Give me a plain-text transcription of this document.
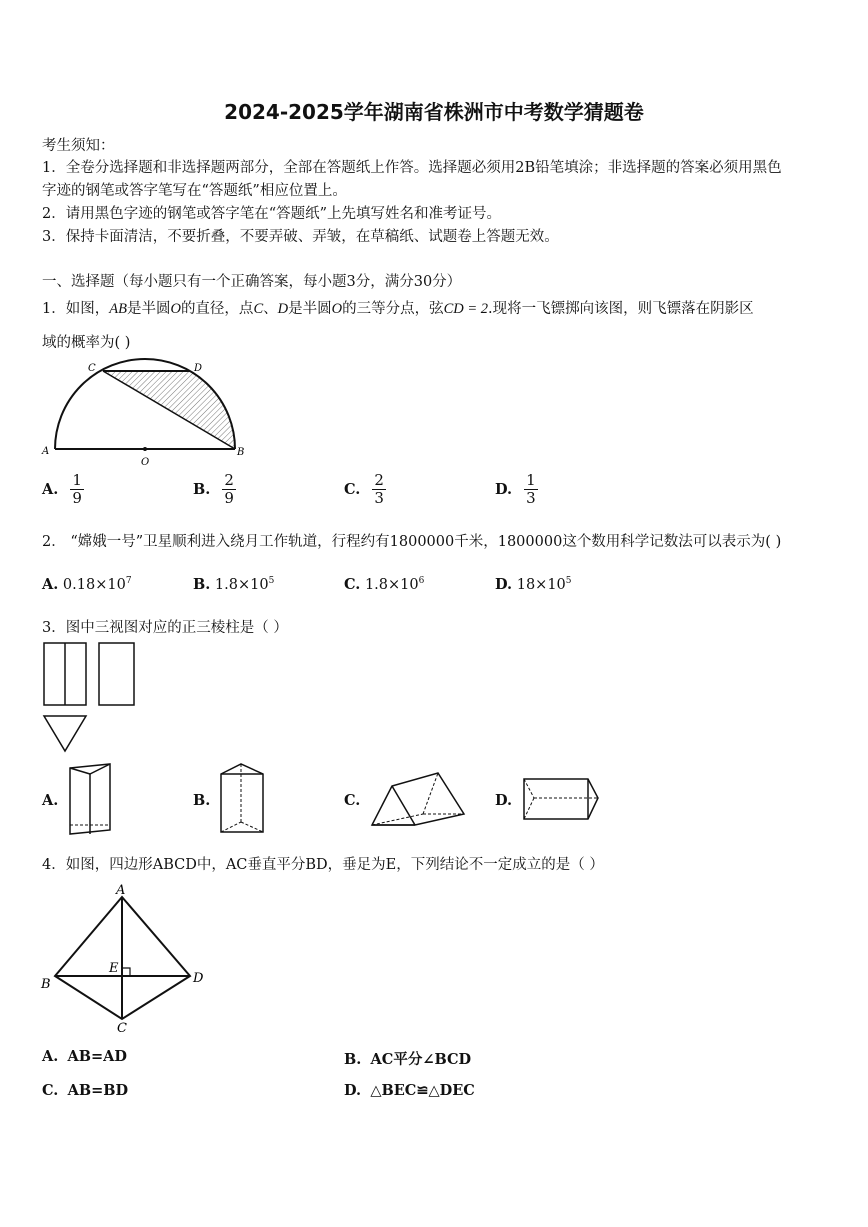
2024-2025学年湖南省株洲市中考数学猜题卷
考生须知：
1．全卷分选择题和非选择题两部分，全部在答题纸上作答。选择题必须用2B铅笔填涂；非选择题的答案必须用黑色
字迹的钢笔或答字笔写在“答题纸”相应位置上。
2．请用黑色字迹的钢笔或答字笔在“答题纸”上先填写姓名和准考证号。
3．保持卡面清洁，不要折叠，不要弄破、弄皱，在草稿纸、试题卷上答题无效。
一、选择题（每小题只有一个正确答案，每小题3分，满分30分）
1．如图，AB是半圆O的直径，点C、D是半圆O的三等分点，弦CD = 2.现将一飞镖掷向该图，则飞镖落在阴影区
域的概率为( )
A	B
C	D
O
A. $\frac{1}{9}$	B. $\frac{2}{9}$	C. $\frac{2}{3}$	D. $\frac{1}{3}$
2． “嫦娥一号”卫星顺利进入绕月工作轨道，行程约有1800000千米，1800000这个数用科学记数法可以表示为( )
A. $0.18\times 10^7$	B. $1.8\times 10^5$	C. $1.8\times 10^6$	D. $18\times 10^5$
3．图中三视图对应的正三棱柱是（ ）
A.	B.	C.	D.
4．如图，四边形ABCD中，AC垂直平分BD，垂足为E，下列结论不一定成立的是（ ）
A
B
C
D
E
A. AB=AD	B. AC平分∠BCD
C. AB=BD	D. △BEC≌△DEC
